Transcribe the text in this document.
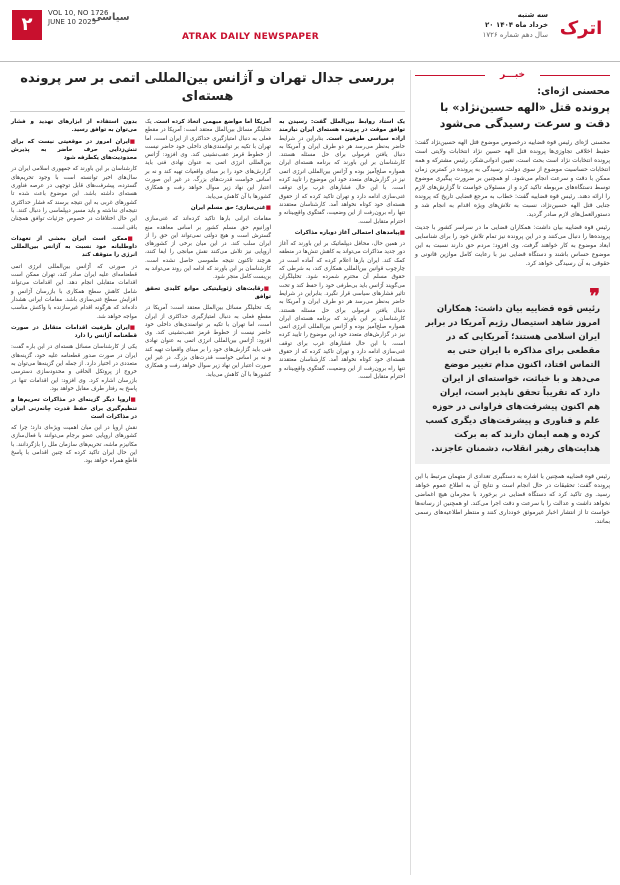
۲
VOL 10, NO 1726
JUNE 10 2025
سیاسی
ATRAK DAILY NEWSPAPER
سه شنبه
۲۰ خرداد ماه ۱۴۰۴
سال دهم شماره ۱۷۲۶ اترک
خبـــر
محسنی اژه‌ای:
پرونده قتل «الهه حسین‌نژاد» با دقت و سرعت رسیدگی می‌شود
محسنی اژه‌ای رئیس قوه قضاییه درخصوص موضوع قتل الهه حسین‌نژاد گفت: حفیظ اخلاقی تجاوزی‌ها پرونده قتل الهه حسین نژاد انتخابات ولایتی است پرونده انتخابات نژاد است بحث است، تعیین ادوانی‌شکر، رئیس مشترکه و همه انتخابات حساسیت موضوع از سوی دولت، رسیدگی به پرونده در کمترین زمان ممکن با دقت و سرعت انجام می‌شود. او همچنین بر ضرورت پیگیری موضوع توسط دستگاه‌های مربوطه تاکید کرد و از مسئولان خواست تا گزارش‌های لازم را ارائه دهند. رئیس قوه قضاییه گفت: خطاب به مرجع قضایی تاریخ که پرونده جنایی قتل الهه حسین‌نژاد، نسبت به تلاش‌های ویژه اقدام به انجام شد و دستورالعمل‌های لازم صادر گردید.
رئیس قوه قضاییه بیان داشت: همکاران قضایی ما در سراسر کشور با جدیت پرونده‌ها را دنبال می‌کنند و در این پرونده نیز تمام تلاش خود را برای شناسایی ابعاد موضوع به کار خواهند گرفت. وی افزود: مردم حق دارند نسبت به این موضوع حساس باشند و دستگاه قضایی نیز با رعایت کامل موازین قانونی و حقوقی به آن رسیدگی خواهد کرد.
❞
رئیس قوه قضاییه بیان داشت: همکاران امروز شاهد استیصال رژیم آمریکا در برابر ایران اسلامی هستند؛ آمریکایی که در مقطعی برای مذاکره با ایران حتی به التماس افتاد، اکنون مدام تغییر موضع می‌دهد و با خباثت، خواسته‌ای از ایران دارد که تقریباً تحقق ناپذیر است، ایران هم اکنون پیشرفت‌های فراوانی در حوزه علم و فناوری و پیشرفت‌های دیگری کسب کرده و همه ایمان دارند که به برکت هدایت‌های رهبر انقلاب، دشمنان عاجزند.
رئیس قوه قضاییه همچنین با اشاره به دستگیری تعدادی از متهمان مرتبط با این پرونده گفت: تحقیقات در حال انجام است و نتایج آن به اطلاع عموم خواهد رسید. وی تاکید کرد که دستگاه قضایی در برخورد با مجرمان هیچ اغماضی نخواهد داشت و عدالت را با سرعت و دقت اجرا می‌کند. او همچنین از رسانه‌ها خواست تا از انتشار اخبار غیرموثق خودداری کنند و منتظر اطلاعیه‌های رسمی بمانند.
بررسی جدال تهران و آژانس بین‌المللی اتمی بر سر پرونده هسته‌ای
یک استاد روابط بین‌الملل گفت: رسیدن به توافق موقت در پرونده هسته‌ای ایران نیازمند اراده سیاسی طرفین است. بنابراین در شرایط حاضر به‌نظر می‌رسد هر دو طرف ایران و آمریکا به دنبال یافتن فرمولی برای حل مسئله هستند. کارشناسان بر این باورند که برنامه هسته‌ای ایران همواره صلح‌آمیز بوده و آژانس بین‌المللی انرژی اتمی نیز در گزارش‌های متعدد خود این موضوع را تایید کرده است. با این حال فشارهای غرب برای توقف غنی‌سازی ادامه دارد و تهران تاکید کرده که از حقوق هسته‌ای خود کوتاه نخواهد آمد. کارشناسان معتقدند تنها راه برون‌رفت از این وضعیت، گفتگوی واقع‌بینانه و احترام متقابل است.
■ پیامدهای احتمالی آغاز دوباره مذاکرات
در همین حال، محافل دیپلماتیک بر این باورند که آغاز دور جدید مذاکرات می‌تواند به کاهش تنش‌ها در منطقه کمک کند. ایران بارها اعلام کرده که آماده است در چارچوب قوانین بین‌المللی همکاری کند، به شرطی که حقوق مسلم آن محترم شمرده شود. تحلیلگران می‌گویند آژانس باید بی‌طرفی خود را حفظ کند و تحت تاثیر فشارهای سیاسی قرار نگیرد. بنابراین در شرایط حاضر به‌نظر می‌رسد هر دو طرف ایران و آمریکا به دنبال یافتن فرمولی برای حل مسئله هستند. کارشناسان بر این باورند که برنامه هسته‌ای ایران همواره صلح‌آمیز بوده و آژانس بین‌المللی انرژی اتمی نیز در گزارش‌های متعدد خود این موضوع را تایید کرده است. با این حال فشارهای غرب برای توقف غنی‌سازی ادامه دارد و تهران تاکید کرده که از حقوق هسته‌ای خود کوتاه نخواهد آمد. کارشناسان معتقدند تنها راه برون‌رفت از این وضعیت، گفتگوی واقع‌بینانه و احترام متقابل است.
آمریکا اما مواضع مبهمی اتخاذ کرده است. یک تحلیلگر مسائل بین‌الملل معتقد است: آمریکا در مقطع فعلی به دنبال امتیازگیری حداکثری از ایران است، اما تهران با تکیه بر توانمندی‌های داخلی خود حاضر نیست از خطوط قرمز عقب‌نشینی کند. وی افزود: آژانس بین‌المللی انرژی اتمی به عنوان نهادی فنی باید گزارش‌های خود را بر مبنای واقعیات تهیه کند و نه بر اساس خواست قدرت‌های بزرگ. در غیر این صورت اعتبار این نهاد زیر سوال خواهد رفت و همکاری کشورها با آن کاهش می‌یابد.
■ غنی‌سازی؛ حق مسلم ایران
مقامات ایرانی بارها تاکید کرده‌اند که غنی‌سازی اورانیوم حق مسلم کشور بر اساس معاهده منع گسترش است و هیچ دولتی نمی‌تواند این حق را از ایران سلب کند. در این میان برخی از کشورهای اروپایی نیز تلاش می‌کنند نقش میانجی را ایفا کنند، هرچند تاکنون نتیجه ملموسی حاصل نشده است. کارشناسان بر این باورند که ادامه این روند می‌تواند به بن‌بست کامل منجر شود.
■ رقابت‌های ژئوپلیتیکی موانع کلیدی تحقق توافق
یک تحلیلگر مسائل بین‌الملل معتقد است: آمریکا در مقطع فعلی به دنبال امتیازگیری حداکثری از ایران است، اما تهران با تکیه بر توانمندی‌های داخلی خود حاضر نیست از خطوط قرمز عقب‌نشینی کند. وی افزود: آژانس بین‌المللی انرژی اتمی به عنوان نهادی فنی باید گزارش‌های خود را بر مبنای واقعیات تهیه کند و نه بر اساس خواست قدرت‌های بزرگ. در غیر این صورت اعتبار این نهاد زیر سوال خواهد رفت و همکاری کشورها با آن کاهش می‌یابد.
بدون استفاده از ابزارهای تهدید و فشار می‌توان به توافق رسید.
■ ایران امروز در موقعیتی نیست که برای تنش‌زدایی حرف حاضر به پذیرش محدودیت‌های یکطرفه شود
کارشناسان بر این باورند که جمهوری اسلامی ایران در سال‌های اخیر توانسته است با وجود تحریم‌های گسترده، پیشرفت‌های قابل توجهی در عرصه فناوری هسته‌ای داشته باشد. این موضوع باعث شده تا کشورهای غربی به این نتیجه برسند که فشار حداکثری نتیجه‌ای نداشته و باید مسیر دیپلماسی را دنبال کنند. با این حال اختلافات در خصوص جزئیات توافق همچنان باقی است.
■ ممکن است ایران بخشی از تعهدات داوطلبانه خود نسبت به آژانس بین‌المللی انرژی را متوقف کند
در صورتی که آژانس بین‌المللی انرژی اتمی قطعنامه‌ای علیه ایران صادر کند، تهران ممکن است اقدامات متقابلی انجام دهد. این اقدامات می‌تواند شامل کاهش سطح همکاری با بازرسان آژانس و افزایش سطح غنی‌سازی باشد. مقامات ایرانی هشدار داده‌اند که هرگونه اقدام غیرسازنده با واکنش مناسب مواجه خواهد شد.
■ ایران ظرفیت اقدامات متقابل در صورت قطعنامه آژانس را دارد
یکی از کارشناسان مسائل هسته‌ای در این باره گفت: ایران در صورت صدور قطعنامه علیه خود، گزینه‌های متعددی در اختیار دارد. از جمله این گزینه‌ها می‌توان به خروج از پروتکل الحاقی و محدودسازی دسترسی بازرسان اشاره کرد. وی افزود: این اقدامات تنها در پاسخ به رفتار طرف مقابل خواهد بود.
■ اروپا دیگر گزینه‌ای در مذاکرات تحریم‌ها و تنظیم‌گیری برای حفظ قدرت چانه‌زنی ایران در مذاکرات است
نقش اروپا در این میان اهمیت ویژه‌ای دارد؛ چرا که کشورهای اروپایی عضو برجام می‌توانند با فعال‌سازی مکانیزم ماشه، تحریم‌های سازمان ملل را بازگردانند. با این حال ایران تاکید کرده که چنین اقدامی با پاسخ قاطع همراه خواهد بود.
